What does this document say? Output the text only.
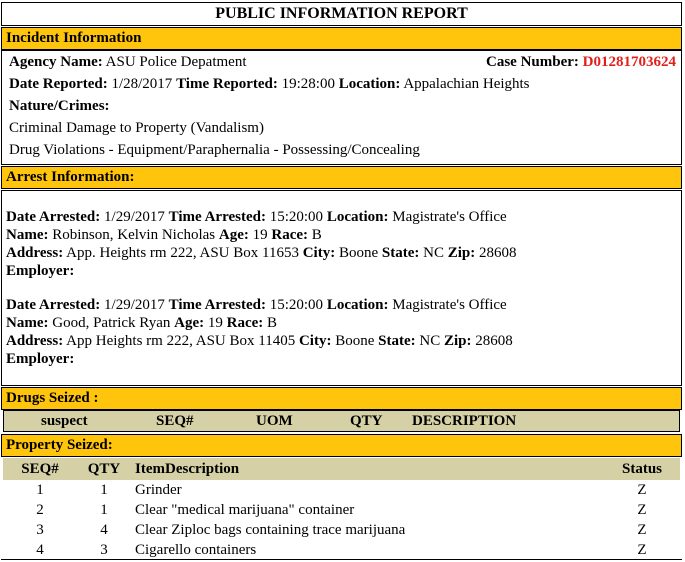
PUBLIC INFORMATION REPORT
Incident Information
Agency Name: ASU Police Depatment	Case Number: D01281703624
Date Reported: 1/28/2017 Time Reported: 19:28:00 Location: Appalachian Heights
Nature/Crimes:
Criminal Damage to Property (Vandalism)
Drug Violations - Equipment/Paraphernalia - Possessing/Concealing
Arrest Information:
Date Arrested: 1/29/2017 Time Arrested: 15:20:00 Location: Magistrate's Office
Name: Robinson, Kelvin Nicholas Age: 19 Race: B
Address: App. Heights rm 222, ASU Box 11653 City: Boone State: NC Zip: 28608
Employer:
Date Arrested: 1/29/2017 Time Arrested: 15:20:00 Location: Magistrate's Office
Name: Good, Patrick Ryan Age: 19 Race: B
Address: App Heights rm 222, ASU Box 11405 City: Boone State: NC Zip: 28608
Employer:
Drugs Seized :
suspect	SEQ#	UOM	QTY DESCRIPTION
Property Seized:
SEQ#	QTY ItemDescription	Status
1	1	Grinder	Z
2	1	Clear "medical marijuana" container	Z
3	4	Clear Ziploc bags containing trace marijuana	Z
4	3	Cigarello containers	Z
